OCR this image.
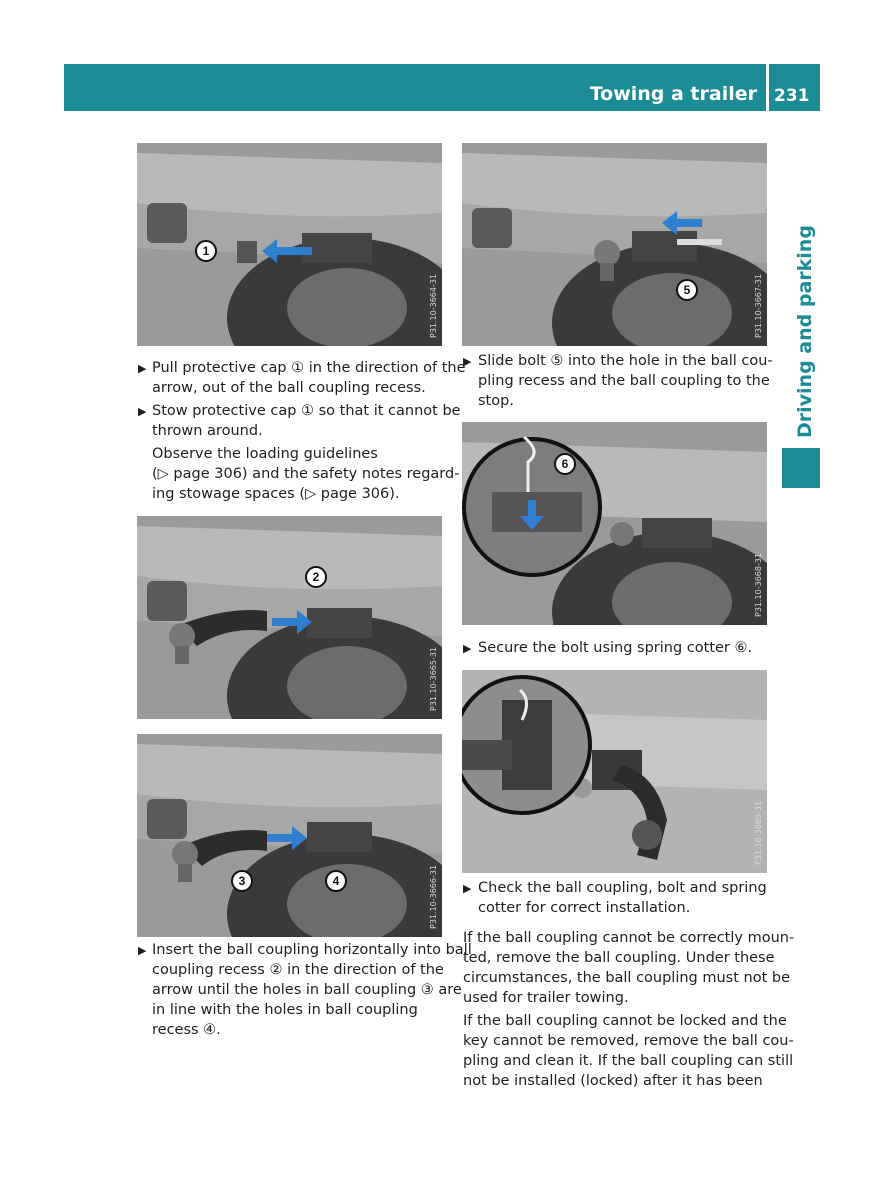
Towing a trailer 231
Driving and parking
1
P31.10-3664-31
▶ Pull protective cap ① in the direction of the
arrow, out of the ball coupling recess.
▶ Stow protective cap ① so that it cannot be
thrown around.
Observe the loading guidelines
(▷ page 306) and the safety notes regard-
ing stowage spaces (▷ page 306).
2
P31.10-3665-31
3	4	P31.10-3666-31
▶ Insert the ball coupling horizontally into ball
coupling recess ② in the direction of the
arrow until the holes in ball coupling ③ are
in line with the holes in ball coupling
recess ④.
5	P31.10-3667-31
▶ Slide bolt ⑤ into the hole in the ball cou-
pling recess and the ball coupling to the
stop.
6
P31.10-3668-31
▶ Secure the bolt using spring cotter ⑥.
P31.10-3669-31
▶ Check the ball coupling, bolt and spring
cotter for correct installation.
If the ball coupling cannot be correctly moun-
ted, remove the ball coupling. Under these
circumstances, the ball coupling must not be
used for trailer towing.
If the ball coupling cannot be locked and the
key cannot be removed, remove the ball cou-
pling and clean it. If the ball coupling can still
not be installed (locked) after it has been
